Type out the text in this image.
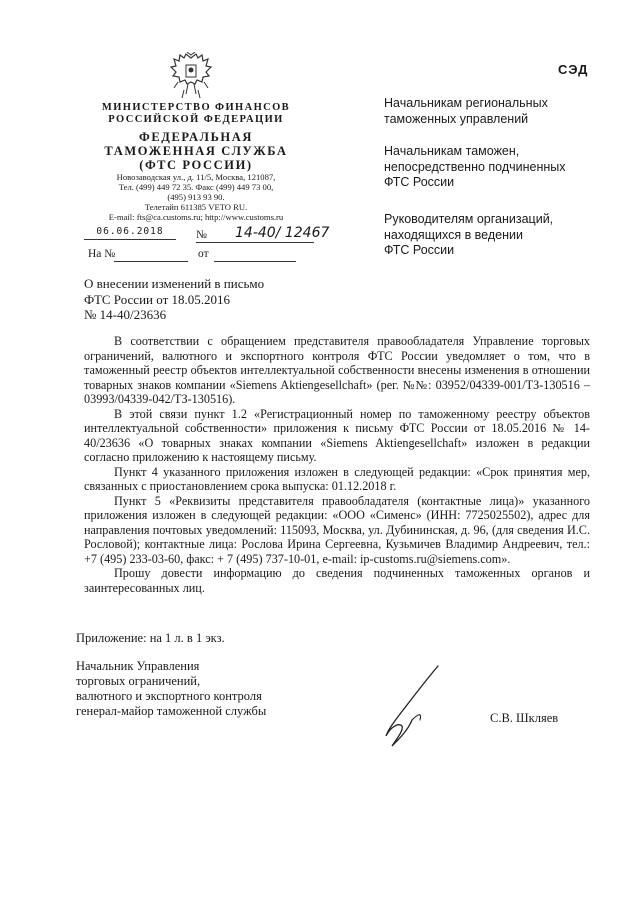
МИНИСТЕРСТВО ФИНАНСОВ
РОССИЙСКОЙ ФЕДЕРАЦИИ
ФЕДЕРАЛЬНАЯ
ТАМОЖЕННАЯ СЛУЖБА
(ФТС РОССИИ)
Новозаводская ул., д. 11/5, Москва, 121087,
Тел. (499) 449 72 35. Факс (499) 449 73 00,
(495) 913 93 90.
Телетайп 611385 VETO RU.
E-mail: fts@ca.customs.ru; http://www.customs.ru
06.06.2018	№ 14-40/ 12467
На №	от
СЭД
Начальникам региональных
таможенных управлений
Начальникам таможен,
непосредственно подчиненных
ФТС России
Руководителям организаций,
находящихся в ведении
ФТС России
О внесении изменений в письмо
ФТС России от 18.05.2016
№ 14-40/23636

В соответствии с обращением представителя правообладателя Управление торговых ограничений, валютного и экспортного контроля ФТС России уведомляет о том, что в таможенный реестр объектов интеллектуальной собственности внесены изменения в отношении товарных знаков компании «Siemens Aktiengesellchaft» (рег. №№: 03952/04339-001/ТЗ-130516 – 03993/04339-042/ТЗ-130516).

В этой связи пункт 1.2 «Регистрационный номер по таможенному реестру объектов интеллектуальной собственности» приложения к письму ФТС России от 18.05.2016 № 14-40/23636 «О товарных знаках компании «Siemens Aktiengesellchaft» изложен в редакции согласно приложению к настоящему письму.

Пункт 4 указанного приложения изложен в следующей редакции: «Срок принятия мер, связанных с приостановлением срока выпуска: 01.12.2018 г.

Пункт 5 «Реквизиты представителя правообладателя (контактные лица)» указанного приложения изложен в следующей редакции: «ООО «Сименс» (ИНН: 7725025502), адрес для направления почтовых уведомлений: 115093, Москва, ул. Дубининская, д. 96, (для сведения И.С. Рословой); контактные лица: Рослова Ирина Сергеевна, Кузьмичев Владимир Андреевич, тел.: +7 (495) 233-03-60, факс: + 7 (495) 737-10-01, e-mail: ip-customs.ru@siemens.com».

Прошу довести информацию до сведения подчиненных таможенных органов и заинтересованных лиц.

Приложение: на 1 л. в 1 экз.
Начальник Управления
торговых ограничений,
валютного и экспортного контроля
генерал-майор таможенной службы	С.В. Шкляев
